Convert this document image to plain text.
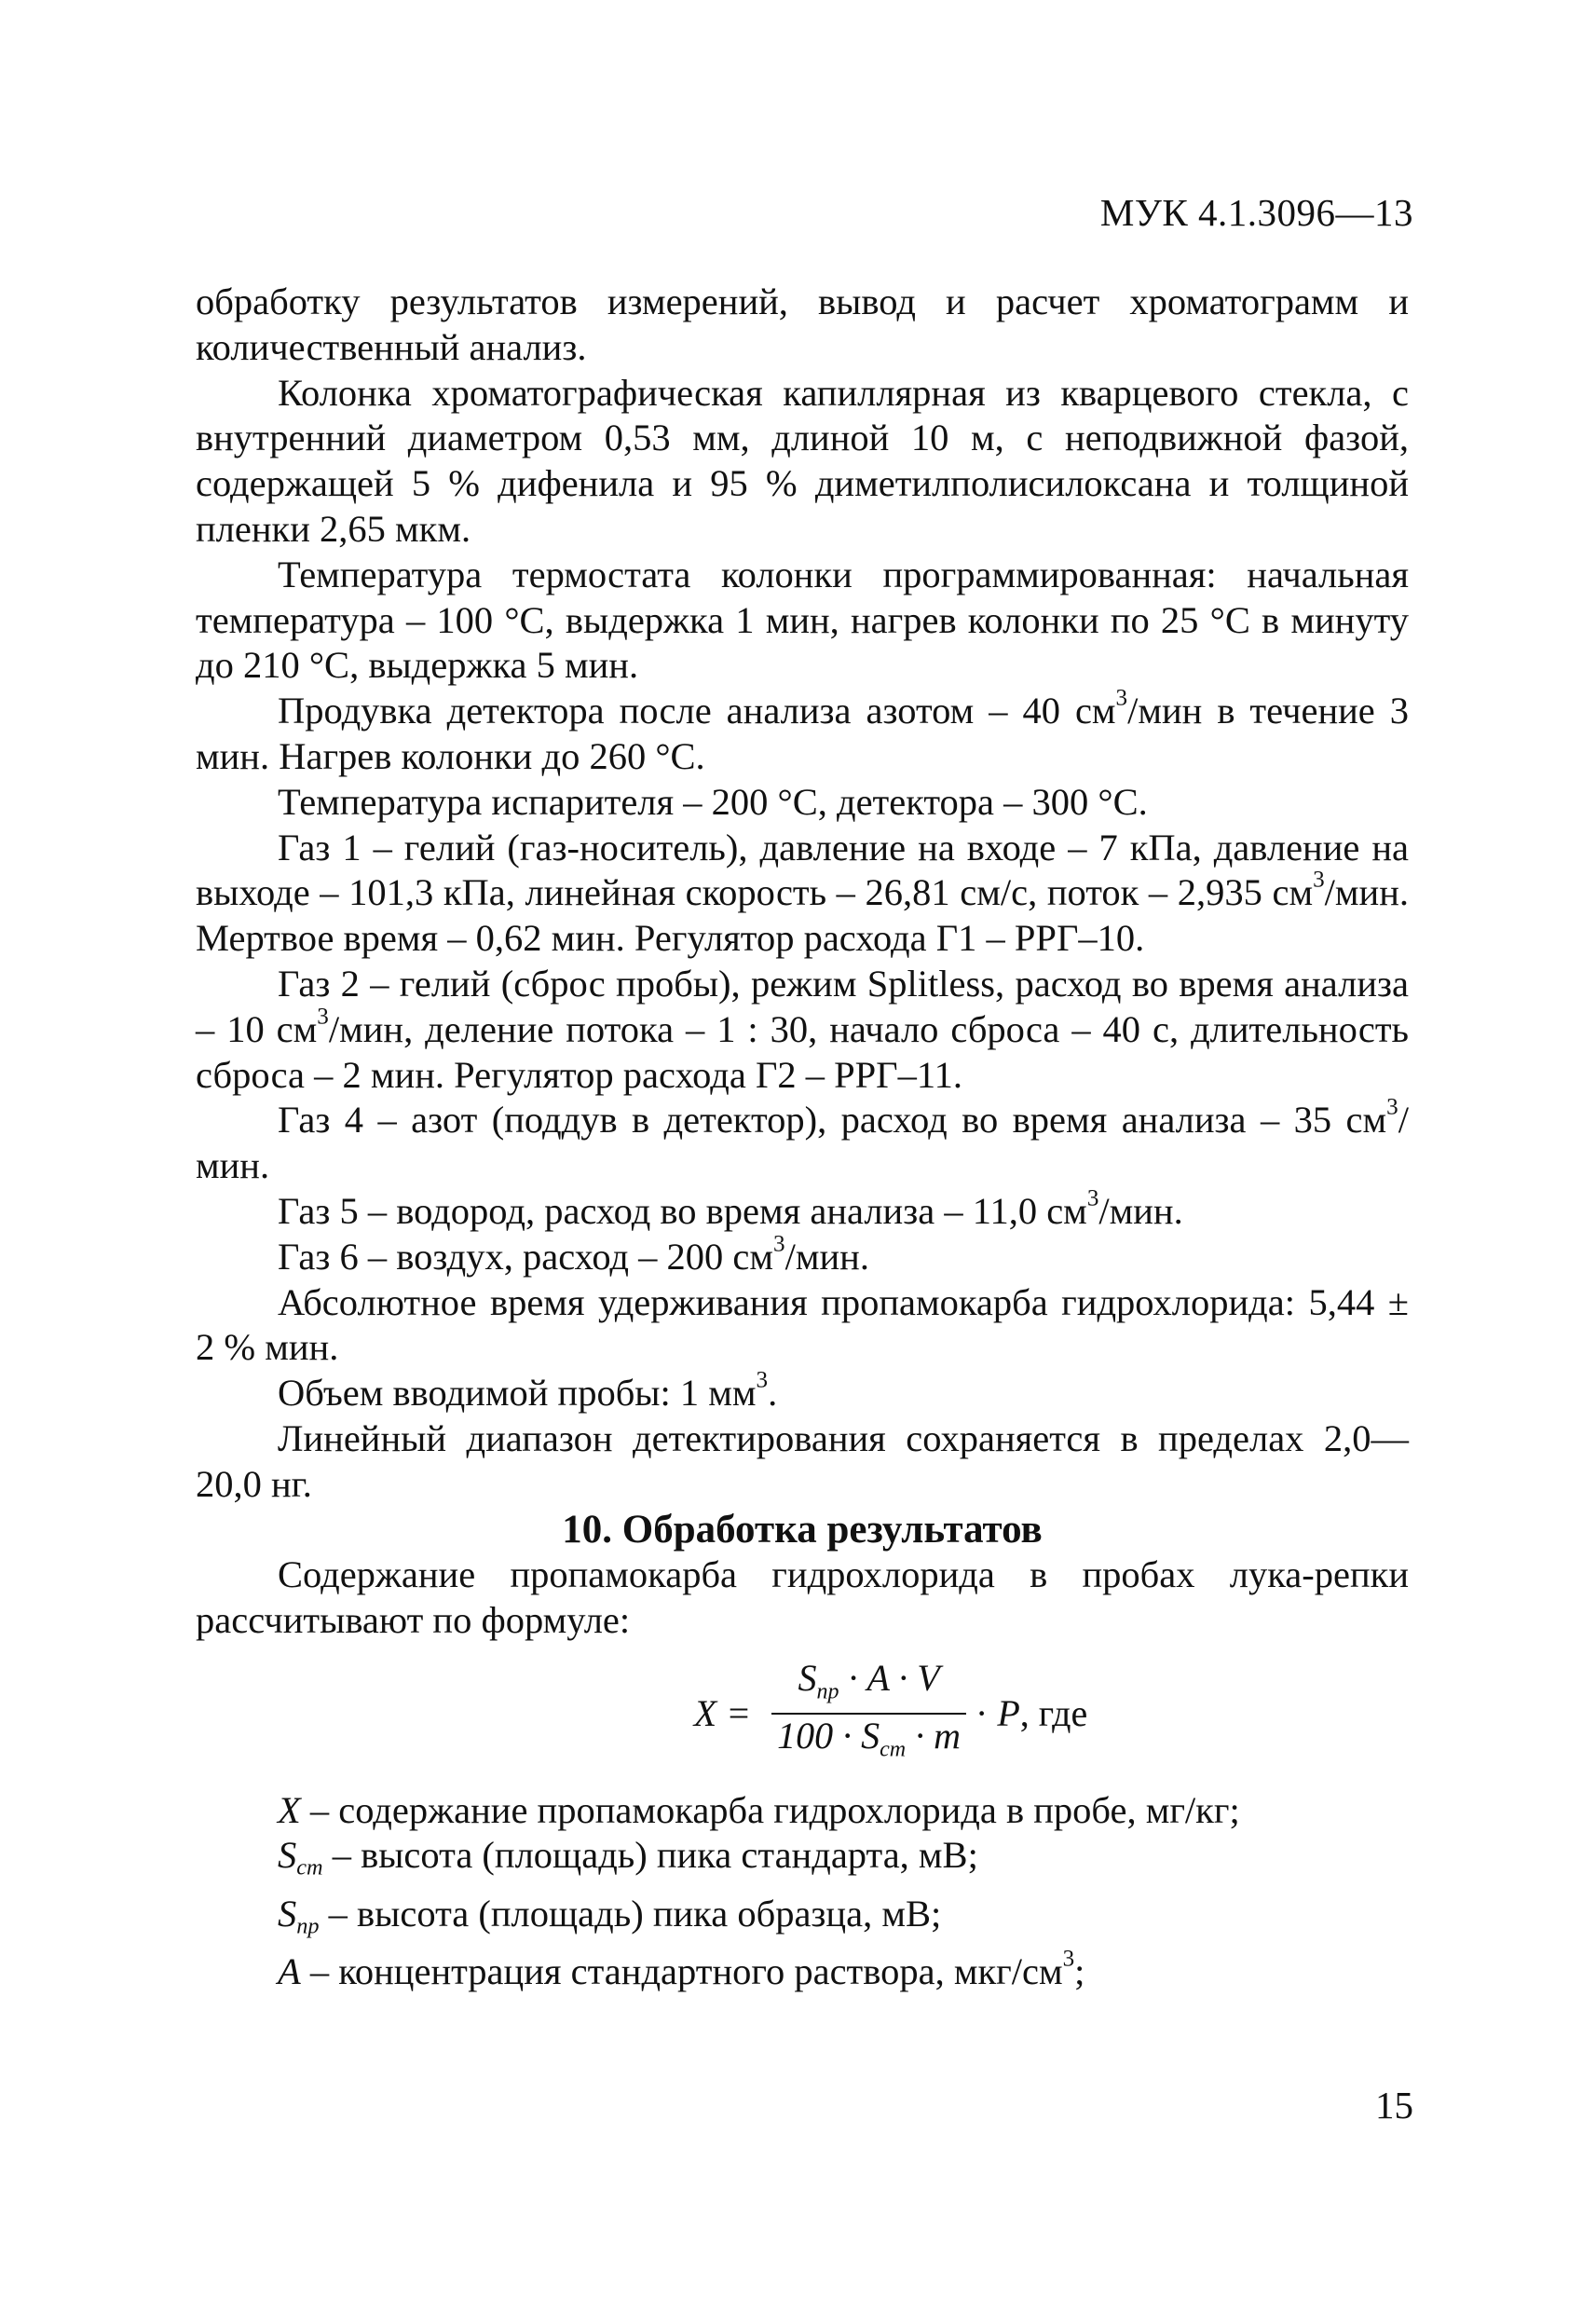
МУК 4.1.3096—13

обработку результатов измерений, вывод и расчет хроматограмм и количественный анализ.

Колонка хроматографическая капиллярная из кварцевого стекла, с внутренний диаметром 0,53 мм, длиной 10 м, с неподвижной фазой, содержащей 5 % дифенила и 95 % диметилполисилоксана и толщиной пленки 2,65 мкм.

Температура термостата колонки программированная: начальная температура – 100 °С, выдержка 1 мин, нагрев колонки по 25 °С в минуту до 210 °С, выдержка 5 мин.

Продувка детектора после анализа азотом – 40 $см^3$/мин в течение 3 мин. Нагрев колонки до 260 °С.

Температура испарителя – 200 °С, детектора – 300 °С.

Газ 1 – гелий (газ-носитель), давление на входе – 7 кПа, давление на выходе – 101,3 кПа, линейная скорость – 26,81 см/с, поток – 2,935 $см^3$/мин. Мертвое время – 0,62 мин. Регулятор расхода Г1 – РРГ–10.

Газ 2 – гелий (сброс пробы), режим Splitless, расход во время анализа – 10 $см^3$/мин, деление потока – 1 : 30, начало сброса – 40 с, длительность сброса – 2 мин. Регулятор расхода Г2 – РРГ–11.

Газ 4 – азот (поддув в детектор), расход во время анализа – 35 $см^3$/мин.

Газ 5 – водород, расход во время анализа – 11,0 $см^3$/мин.

Газ 6 – воздух, расход – 200 $см^3$/мин.

Абсолютное время удерживания пропамокарба гидрохлорида: 5,44 ± 2 % мин.

Объем вводимой пробы: 1 $мм^3$.

Линейный диапазон детектирования сохраняется в пределах 2,0—20,0 нг.

10. Обработка результатов

Содержание пропамокарба гидрохлорида в пробах лука-репки рассчитывают по формуле:

$X = \frac{S_{пр} \cdot A \cdot V}{100 \cdot S_{ст} \cdot m} \cdot P$, где

X – содержание пропамокарба гидрохлорида в пробе, мг/кг;

Sст – высота (площадь) пика стандарта, мВ;

Sпр – высота (площадь) пика образца, мВ;

A – концентрация стандартного раствора, мкг/$см^3$;

15
